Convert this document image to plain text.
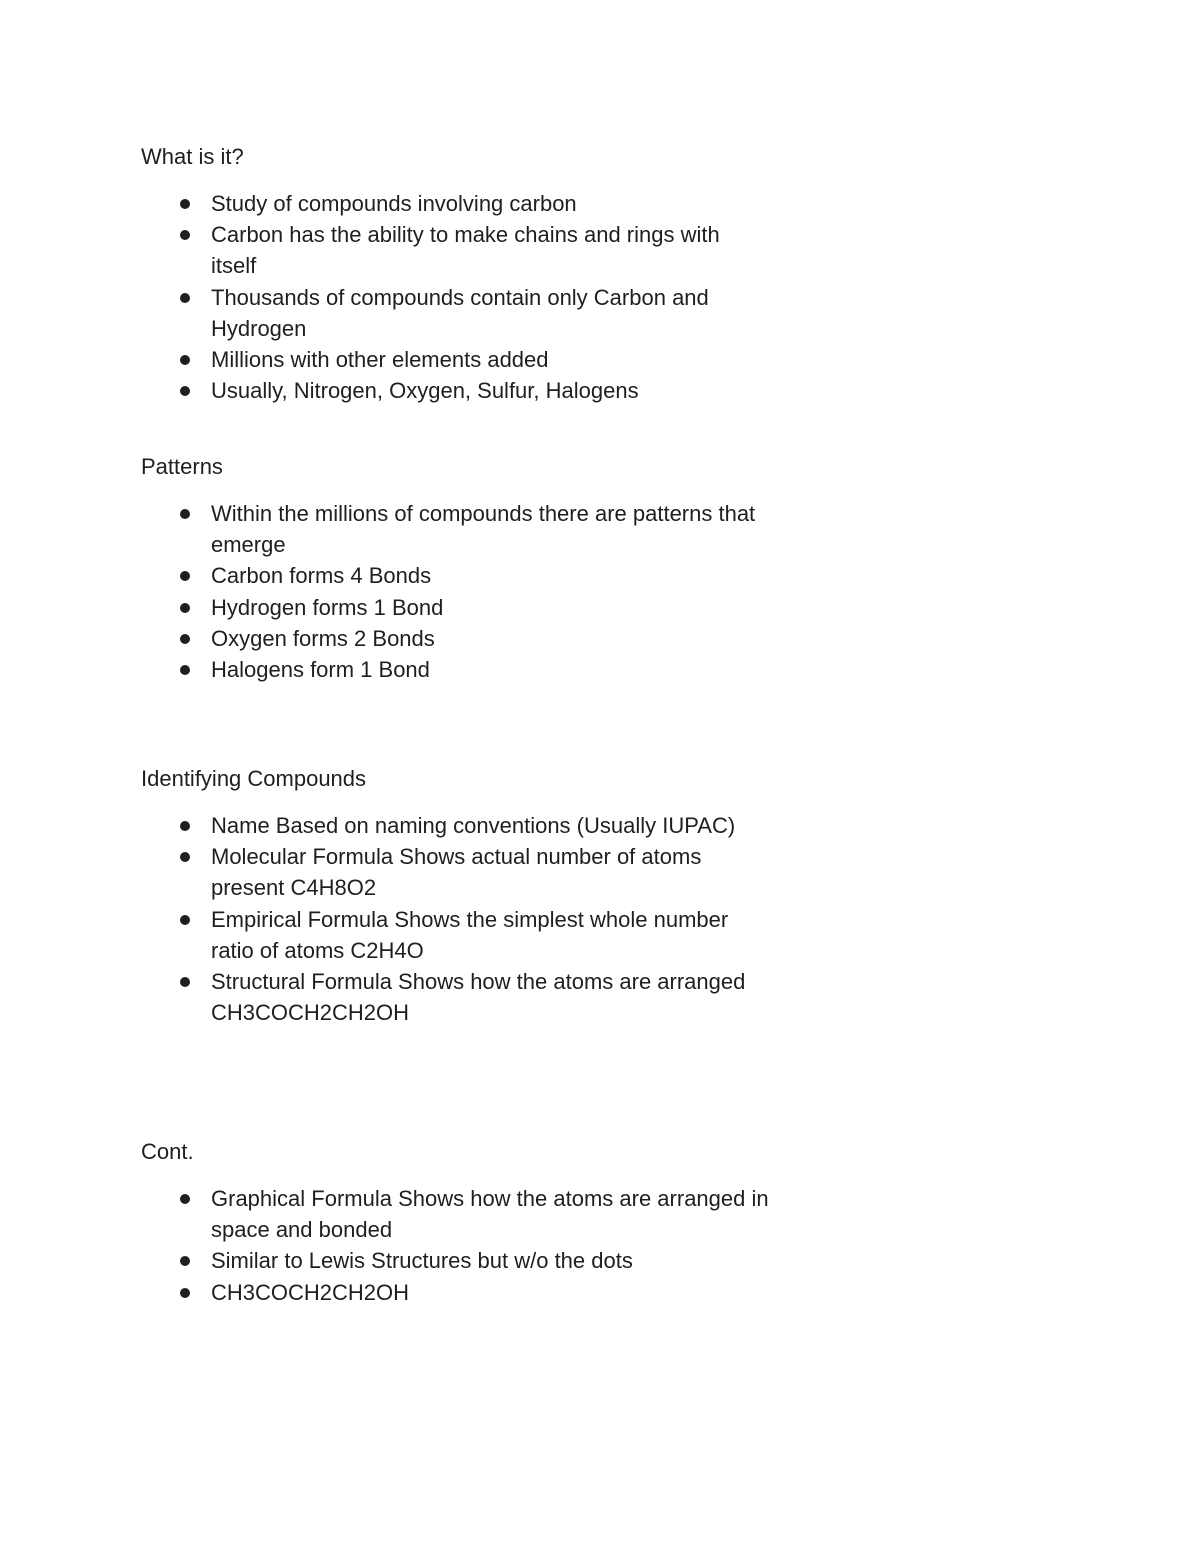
What is it?
Study of compounds involving carbon
Carbon has the ability to make chains and rings with itself
Thousands of compounds contain only Carbon and Hydrogen
Millions with other elements added
Usually, Nitrogen, Oxygen, Sulfur, Halogens
Patterns
Within the millions of compounds there are patterns that emerge
Carbon forms 4 Bonds
Hydrogen forms 1 Bond
Oxygen forms 2 Bonds
Halogens form 1 Bond
Identifying Compounds
Name Based on naming conventions (Usually IUPAC)
Molecular Formula Shows actual number of atoms present C4H8O2
Empirical Formula Shows the simplest whole number ratio of atoms C2H4O
Structural Formula Shows how the atoms are arranged CH3COCH2CH2OH
Cont.
Graphical Formula Shows how the atoms are arranged in space and bonded
Similar to Lewis Structures but w/o the dots
CH3COCH2CH2OH
